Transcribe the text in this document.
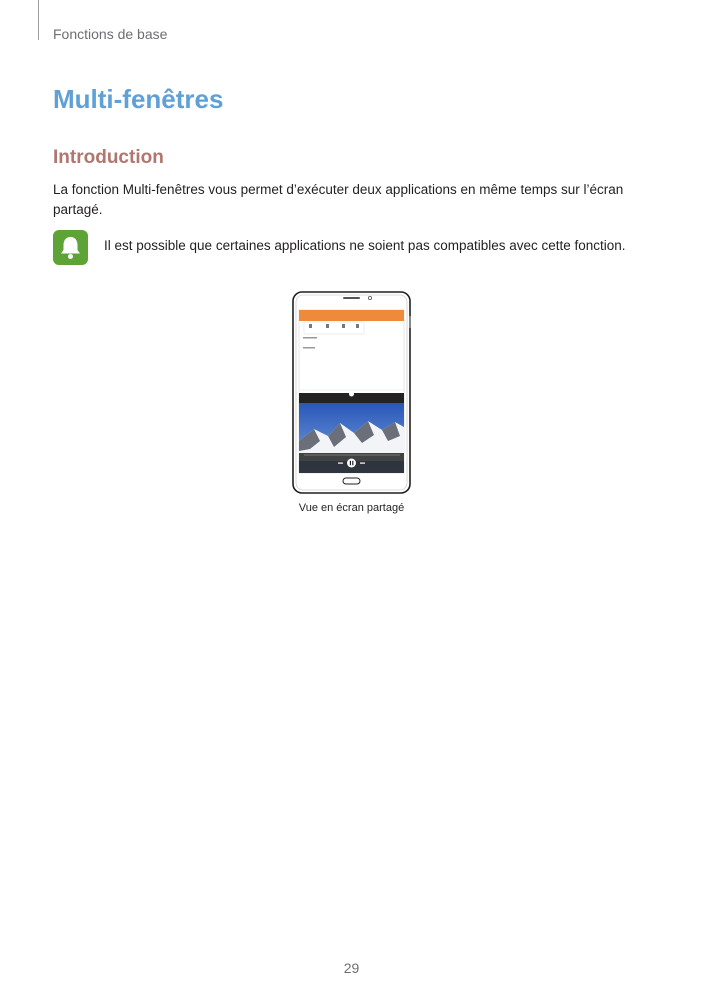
Fonctions de base
Multi-fenêtres
Introduction

La fonction Multi-fenêtres vous permet d’exécuter deux applications en même temps sur l’écran partagé.

Il est possible que certaines applications ne soient pas compatibles avec cette fonction.

Vue en écran partagé
29
